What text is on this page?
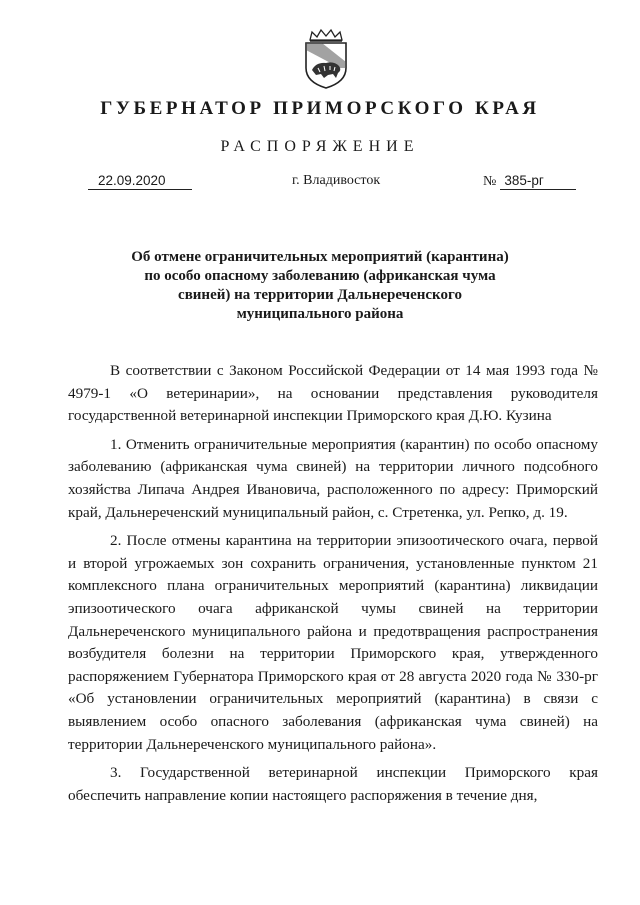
ГУБЕРНАТОР ПРИМОРСКОГО КРАЯ
РАСПОРЯЖЕНИЕ
22.09.2020	г. Владивосток	№ 385-рг
Об отмене ограничительных мероприятий (карантина)
по особо опасному заболеванию (африканская чума
свиней) на территории Дальнереченского
муниципального района

В соответствии с Законом Российской Федерации от 14 мая 1993 года № 4979-1 «О ветеринарии», на основании представления руководителя государственной ветеринарной инспекции Приморского края Д.Ю. Кузина

1. Отменить ограничительные мероприятия (карантин) по особо опасному заболеванию (африканская чума свиней) на территории личного подсобного хозяйства Липача Андрея Ивановича, расположенного по адресу: Приморский край, Дальнереченский муниципальный район, с. Стретенка, ул. Репко, д. 19.

2. После отмены карантина на территории эпизоотического очага, первой и второй угрожаемых зон сохранить ограничения, установленные пунктом 21 комплексного плана ограничительных мероприятий (карантина) ликвидации эпизоотического очага африканской чумы свиней на территории Дальнереченского муниципального района и предотвращения распространения возбудителя болезни на территории Приморского края, утвержденного распоряжением Губернатора Приморского края от 28 августа 2020 года № 330-рг «Об установлении ограничительных мероприятий (карантина) в связи с выявлением особо опасного заболевания (африканская чума свиней) на территории Дальнереченского муниципального района».

3. Государственной ветеринарной инспекции Приморского края обеспечить направление копии настоящего распоряжения в течение дня,
